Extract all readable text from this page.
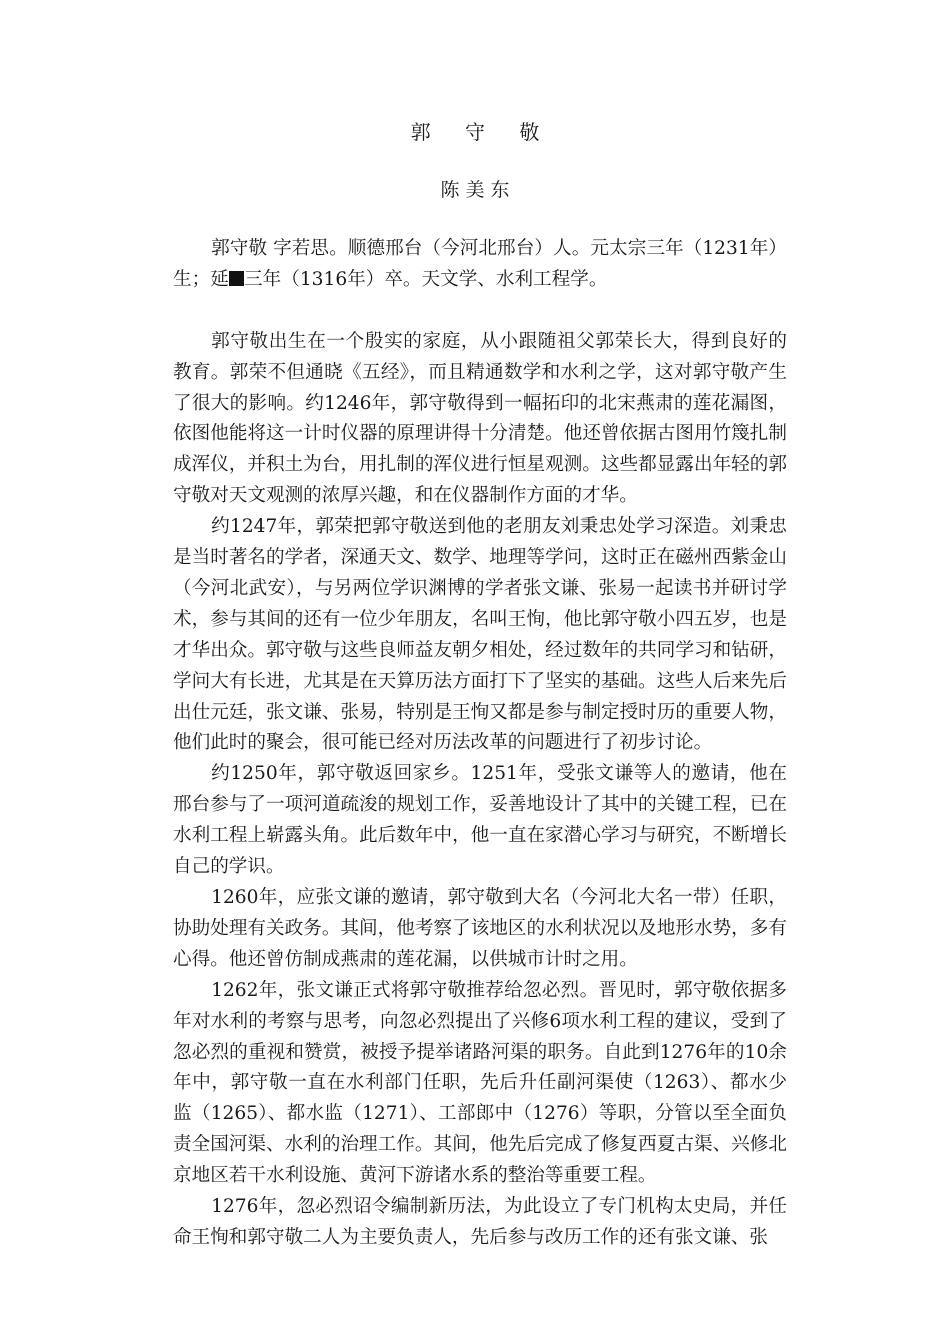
郭 守 敬
陈美东

郭守敬 字若思。顺德邢台（今河北邢台）人。元太宗三年（1231年）生；延 三年（1316年）卒。天文学、水利工程学。

郭守敬出生在一个殷实的家庭，从小跟随祖父郭荣长大，得到良好的教育。郭荣不但通晓《五经》，而且精通数学和水利之学，这对郭守敬产生了很大的影响。约1246年，郭守敬得到一幅拓印的北宋燕肃的莲花漏图，依图他能将这一计时仪器的原理讲得十分清楚。他还曾依据古图用竹篾扎制成浑仪，并积土为台，用扎制的浑仪进行恒星观测。这些都显露出年轻的郭守敬对天文观测的浓厚兴趣，和在仪器制作方面的才华。

约1247年，郭荣把郭守敬送到他的老朋友刘秉忠处学习深造。刘秉忠是当时著名的学者，深通天文、数学、地理等学问，这时正在磁州西紫金山（今河北武安），与另两位学识渊博的学者张文谦、张易一起读书并研讨学术，参与其间的还有一位少年朋友，名叫王恂，他比郭守敬小四五岁，也是才华出众。郭守敬与这些良师益友朝夕相处，经过数年的共同学习和钻研，学问大有长进，尤其是在天算历法方面打下了坚实的基础。这些人后来先后出仕元廷，张文谦、张易，特别是王恂又都是参与制定授时历的重要人物，他们此时的聚会，很可能已经对历法改革的问题进行了初步讨论。

约1250年，郭守敬返回家乡。1251年，受张文谦等人的邀请，他在邢台参与了一项河道疏浚的规划工作，妥善地设计了其中的关键工程，已在水利工程上崭露头角。此后数年中，他一直在家潜心学习与研究，不断增长自己的学识。

1260年，应张文谦的邀请，郭守敬到大名（今河北大名一带）任职，协助处理有关政务。其间，他考察了该地区的水利状况以及地形水势，多有心得。他还曾仿制成燕肃的莲花漏，以供城市计时之用。

1262年，张文谦正式将郭守敬推荐给忽必烈。晋见时，郭守敬依据多年对水利的考察与思考，向忽必烈提出了兴修6项水利工程的建议，受到了忽必烈的重视和赞赏，被授予提举诸路河渠的职务。自此到1276年的10余年中，郭守敬一直在水利部门任职，先后升任副河渠使（1263）、都水少监（1265）、都水监（1271）、工部郎中（1276）等职，分管以至全面负责全国河渠、水利的治理工作。其间，他先后完成了修复西夏古渠、兴修北京地区若干水利设施、黄河下游诸水系的整治等重要工程。

1276年，忽必烈诏令编制新历法，为此设立了专门机构太史局，并任命王恂和郭守敬二人为主要负责人，先后参与改历工作的还有张文谦、张
